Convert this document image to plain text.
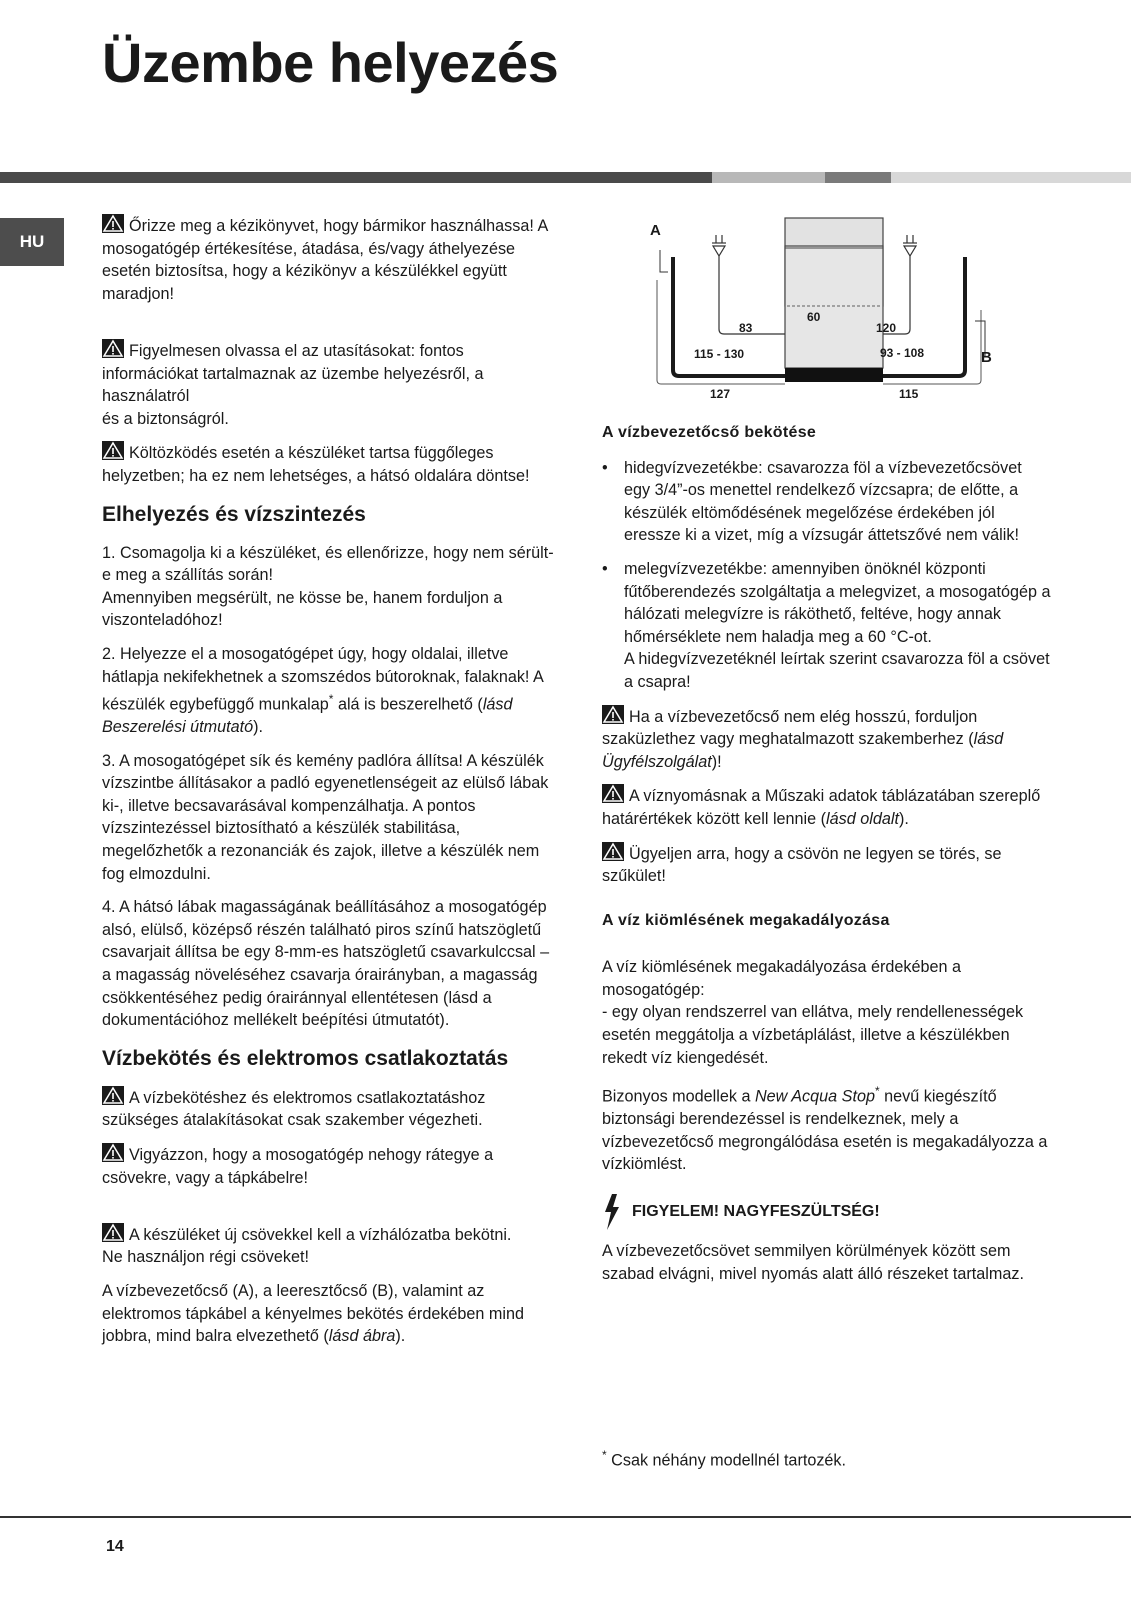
Üzembe helyezés
HU

Őrizze meg a kézikönyvet, hogy bármikor használhassa! A mosogatógép értékesítése, átadása, és/vagy áthelyezése esetén biztosítsa, hogy a kézikönyv a készülékkel együtt maradjon!

Figyelmesen olvassa el az utasításokat: fontos információkat tartalmaznak az üzembe helyezésről, a használatról
és a biztonságról.

Költözködés esetén a készüléket tartsa függőleges helyzetben; ha ez nem lehetséges, a hátsó oldalára döntse!

Elhelyezés és vízszintezés

1. Csomagolja ki a készüléket, és ellenőrizze, hogy nem sérült-e meg a szállítás során!
Amennyiben megsérült, ne kösse be, hanem forduljon a viszonteladóhoz!

2. Helyezze el a mosogatógépet úgy, hogy oldalai, illetve hátlapja nekifekhetnek a szomszédos bútoroknak, falaknak! A készülék egybefüggő munkalap* alá is beszerelhető (lásd Beszerelési útmutató).

3. A mosogatógépet sík és kemény padlóra állítsa! A készülék vízszintbe állításakor a padló egyenetlenségeit az elülső lábak ki-, illetve becsavarásával kompenzálhatja. A pontos vízszintezéssel biztosítható a készülék stabilitása, megelőzhetők a rezonanciák és zajok, illetve a készülék nem fog elmozdulni.

4. A hátsó lábak magasságának beállításához a mosogatógép alsó, elülső, középső részén található piros színű hatszögletű csavarjait állítsa be egy 8-mm-es hatszögletű csavarkulccsal – a magasság növeléséhez csavarja órairányban, a magasság csökkentéséhez pedig órairánnyal ellentétesen (lásd a dokumentációhoz mellékelt beépítési útmutatót).

Vízbekötés és elektromos csatlakoztatás

A vízbekötéshez és elektromos csatlakoztatáshoz szükséges átalakításokat csak szakember végezheti.

Vigyázzon, hogy a mosogatógép nehogy rátegye a csövekre, vagy a tápkábelre!

A készüléket új csövekkel kell a vízhálózatba bekötni.
Ne használjon régi csöveket!

A vízbevezetőcső (A), a leeresztőcső (B), valamint az elektromos tápkábel a kényelmes bekötés érdekében mind jobbra, mind balra elvezethető (lásd ábra).

A
B
60
83	120
115 - 130	93 - 108
127	115
A vízbevezetőcső bekötése
• hidegvízvezetékbe: csavarozza föl a vízbevezetőcsövet egy 3/4”-os menettel rendelkező vízcsapra; de előtte, a készülék eltömődésének megelőzése érdekében jól eressze ki a vizet, míg a vízsugár áttetszővé nem válik!
• melegvízvezetékbe: amennyiben önöknél központi fűtőberendezés szolgáltatja a melegvizet, a mosogatógép a hálózati melegvízre is ráköthető, feltéve, hogy annak hőmérséklete nem haladja meg a 60 °C-ot.
A hidegvízvezetéknél leírtak szerint csavarozza föl a csövet a csapra!

Ha a vízbevezetőcső nem elég hosszú, forduljon szaküzlethez vagy meghatalmazott szakemberhez (lásd Ügyfélszolgálat)!

A víznyomásnak a Műszaki adatok táblázatában szereplő határértékek között kell lennie (lásd oldalt).

Ügyeljen arra, hogy a csövön ne legyen se törés, se szűkület!

A víz kiömlésének megakadályozása

A víz kiömlésének megakadályozása érdekében a mosogatógép:
- egy olyan rendszerrel van ellátva, mely rendellenességek esetén meggátolja a vízbetáplálást, illetve a készülékben rekedt víz kiengedését.

Bizonyos modellek a New Acqua Stop* nevű kiegészítő biztonsági berendezéssel is rendelkeznek, mely a vízbevezetőcső megrongálódása esetén is megakadályozza a vízkiömlést.

FIGYELEM! NAGYFESZÜLTSÉG!

A vízbevezetőcsövet semmilyen körülmények között sem szabad elvágni, mivel nyomás alatt álló részeket tartalmaz.

* Csak néhány modellnél tartozék.
14
